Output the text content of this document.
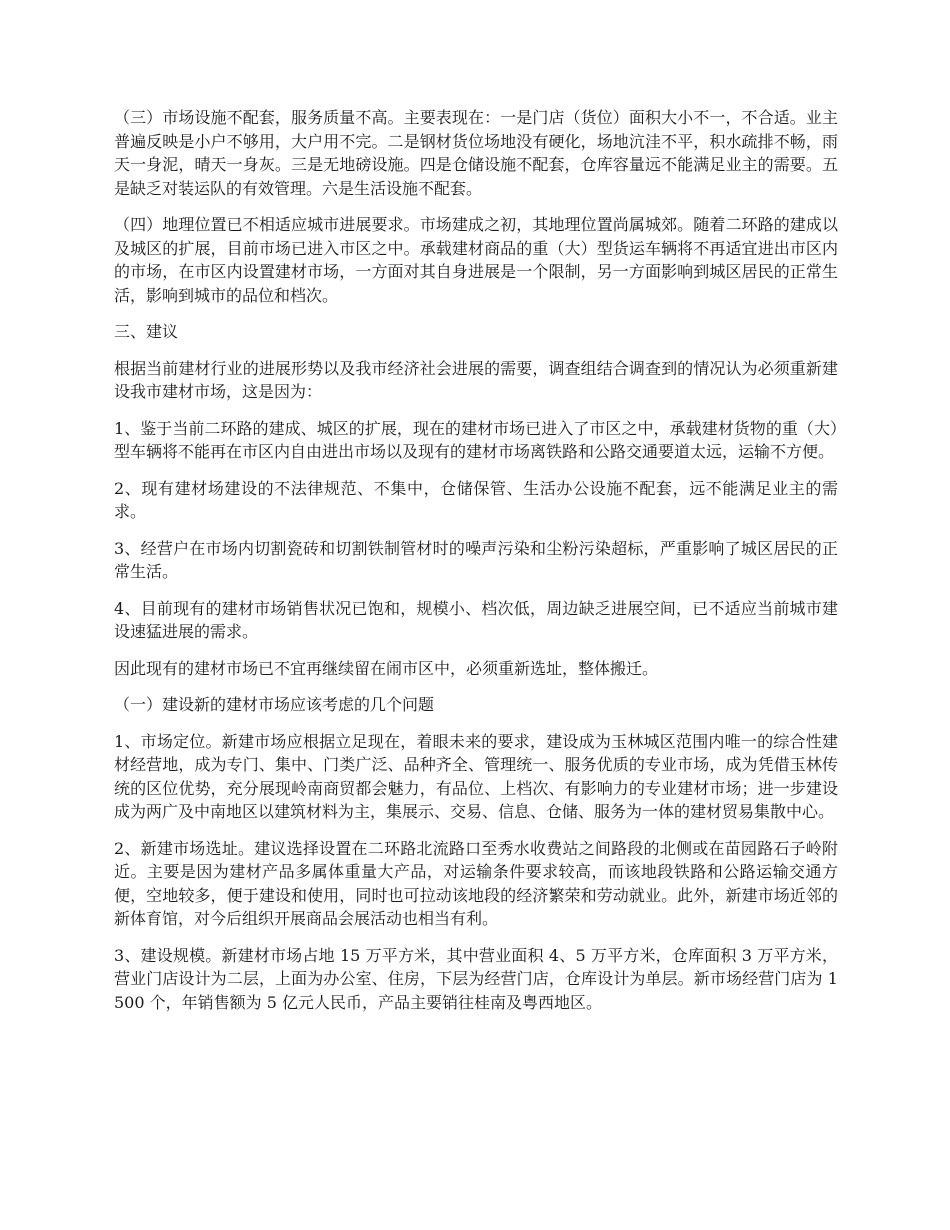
（三）市场设施不配套，服务质量不高。主要表现在：一是门店（货位）面积大小不一，不合适。业主普遍反映是小户不够用，大户用不完。二是钢材货位场地没有硬化，场地沆洼不平，积水疏排不畅，雨天一身泥，晴天一身灰。三是无地磅设施。四是仓储设施不配套，仓库容量远不能满足业主的需要。五是缺乏对装运队的有效管理。六是生活设施不配套。

（四）地理位置已不相适应城市进展要求。市场建成之初，其地理位置尚属城郊。随着二环路的建成以及城区的扩展，目前市场已进入市区之中。承载建材商品的重（大）型货运车辆将不再适宜进出市区内的市场，在市区内设置建材市场，一方面对其自身进展是一个限制，另一方面影响到城区居民的正常生活，影响到城市的品位和档次。

三、建议

根据当前建材行业的进展形势以及我市经济社会进展的需要，调查组结合调查到的情况认为必须重新建设我市建材市场，这是因为：

1、鉴于当前二环路的建成、城区的扩展，现在的建材市场已进入了市区之中，承载建材货物的重（大）型车辆将不能再在市区内自由进出市场以及现有的建材市场离铁路和公路交通要道太远，运输不方便。

2、现有建材场建设的不法律规范、不集中，仓储保管、生活办公设施不配套，远不能满足业主的需求。

3、经营户在市场内切割瓷砖和切割铁制管材时的噪声污染和尘粉污染超标，严重影响了城区居民的正常生活。

4、目前现有的建材市场销售状况已饱和，规模小、档次低，周边缺乏进展空间，已不适应当前城市建设速猛进展的需求。

因此现有的建材市场已不宜再继续留在闹市区中，必须重新选址，整体搬迁。

（一）建设新的建材市场应该考虑的几个问题

1、市场定位。新建市场应根据立足现在，着眼未来的要求，建设成为玉林城区范围内唯一的综合性建材经营地，成为专门、集中、门类广泛、品种齐全、管理统一、服务优质的专业市场，成为凭借玉林传统的区位优势，充分展现岭南商贸都会魅力，有品位、上档次、有影响力的专业建材市场；进一步建设成为两广及中南地区以建筑材料为主，集展示、交易、信息、仓储、服务为一体的建材贸易集散中心。

2、新建市场选址。建议选择设置在二环路北流路口至秀水收费站之间路段的北侧或在苗园路石子岭附近。主要是因为建材产品多属体重量大产品，对运输条件要求较高，而该地段铁路和公路运输交通方便，空地较多，便于建设和使用，同时也可拉动该地段的经济繁荣和劳动就业。此外，新建市场近邻的新体育馆，对今后组织开展商品会展活动也相当有利。

3、建设规模。新建材市场占地 15 万平方米，其中营业面积 4、5 万平方米，仓库面积 3 万平方米，营业门店设计为二层，上面为办公室、住房，下层为经营门店，仓库设计为单层。新市场经营门店为 1500 个，年销售额为 5 亿元人民币，产品主要销往桂南及粤西地区。
